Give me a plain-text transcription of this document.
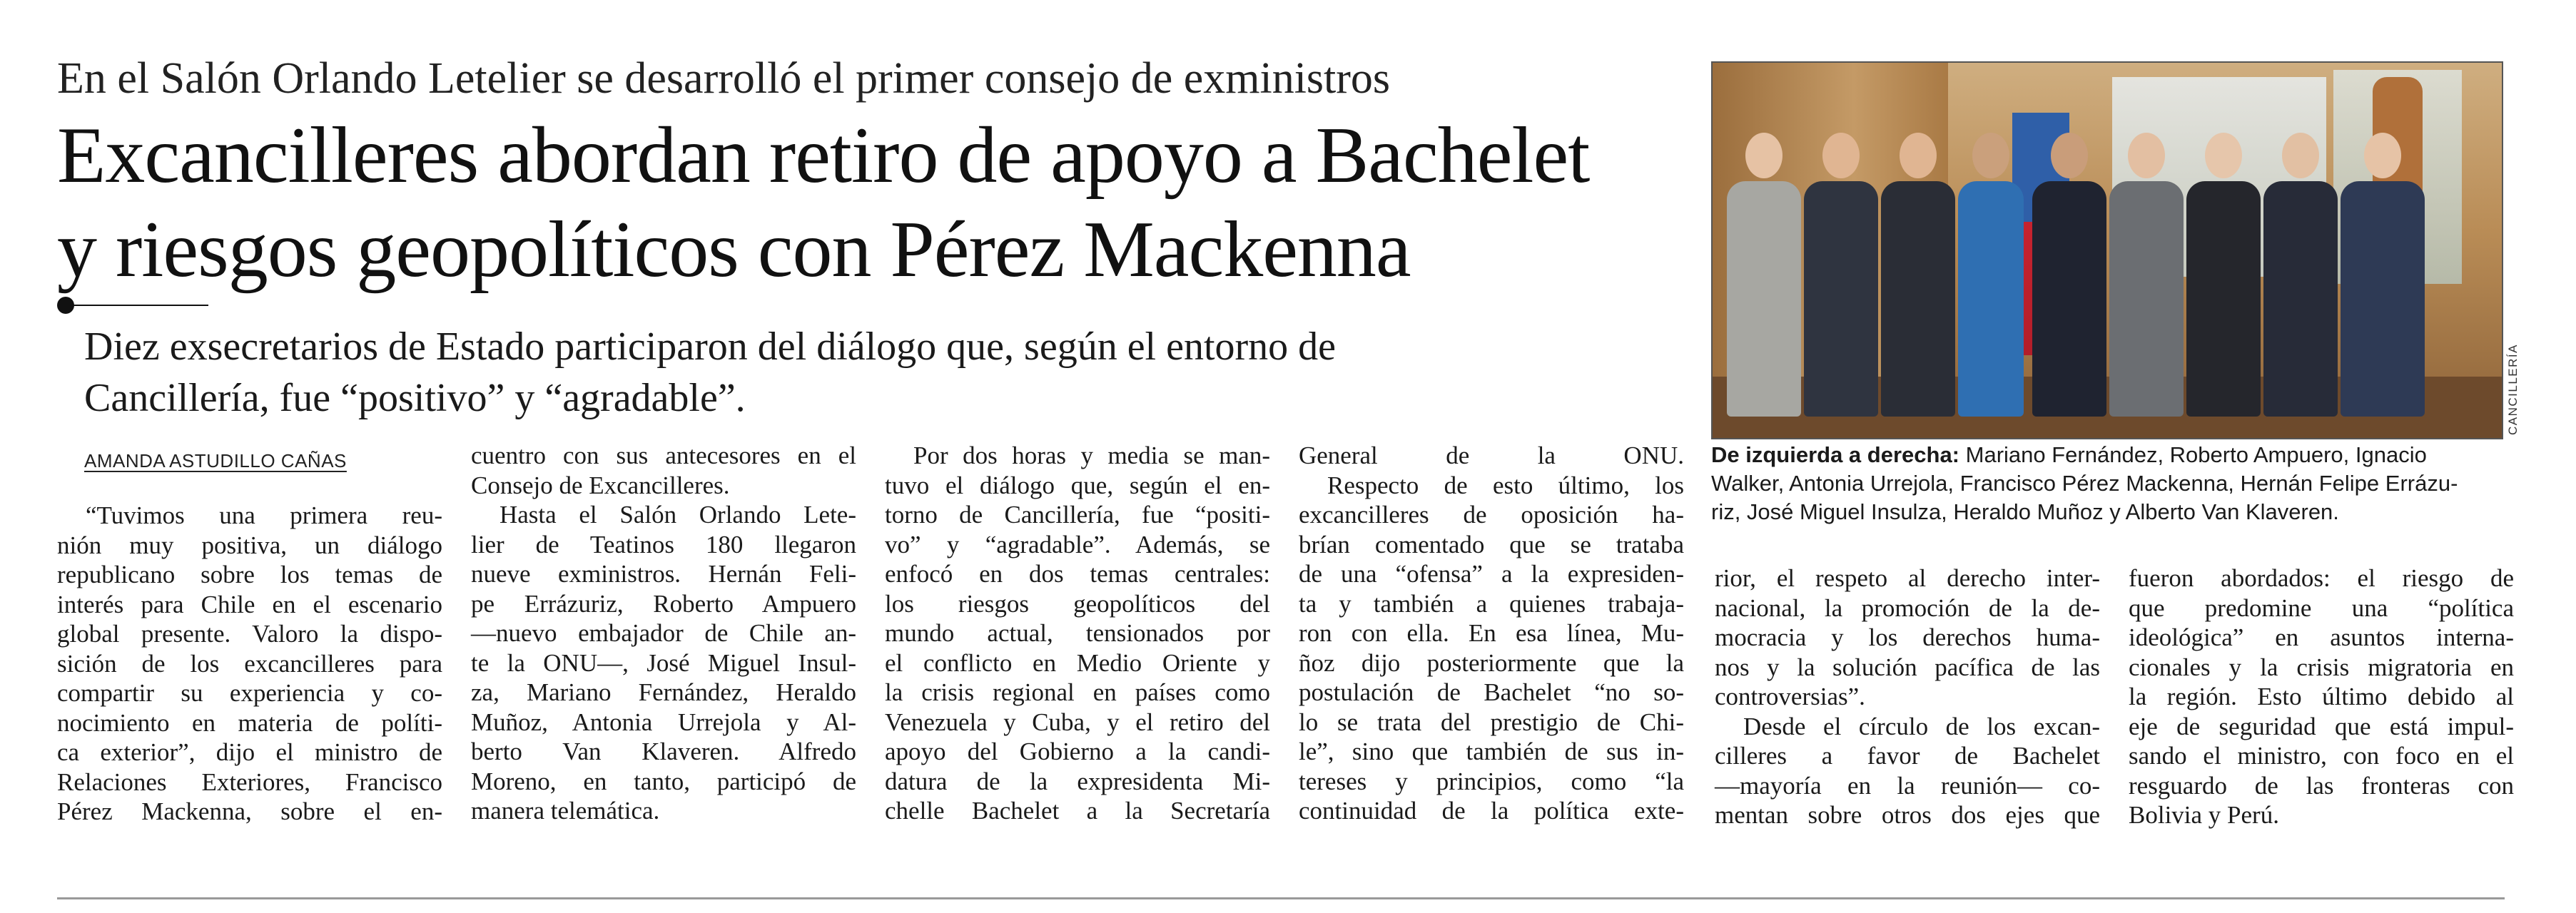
En el Salón Orlando Letelier se desarrolló el primer consejo de exministros
Excancilleres abordan retiro de apoyo a Bachelet
y riesgos geopolíticos con Pérez Mackenna
Diez exsecretarios de Estado participaron del diálogo que, según el entorno de
Cancillería, fue “positivo” y “agradable”.
AMANDA ASTUDILLO CAÑAS
“Tuvimos una primera reu-
nión muy positiva, un diálogo
republicano sobre los temas de
interés para Chile en el escenario
global presente. Valoro la dispo-
sición de los excancilleres para
compartir su experiencia y co-
nocimiento en materia de políti-
ca exterior”, dijo el ministro de
Relaciones Exteriores, Francisco
Pérez Mackenna, sobre el en-
cuentro con sus antecesores en el
Consejo de Excancilleres.
Hasta el Salón Orlando Lete-
lier de Teatinos 180 llegaron
nueve exministros. Hernán Feli-
pe Errázuriz, Roberto Ampuero
—nuevo embajador de Chile an-
te la ONU—, José Miguel Insul-
za, Mariano Fernández, Heraldo
Muñoz, Antonia Urrejola y Al-
berto Van Klaveren. Alfredo
Moreno, en tanto, participó de
manera telemática.
Por dos horas y media se man-
tuvo el diálogo que, según el en-
torno de Cancillería, fue “positi-
vo” y “agradable”. Además, se
enfocó en dos temas centrales:
los riesgos geopolíticos del
mundo actual, tensionados por
el conflicto en Medio Oriente y
la crisis regional en países como
Venezuela y Cuba, y el retiro del
apoyo del Gobierno a la candi-
datura de la expresidenta Mi-
chelle Bachelet a la Secretaría
General de la ONU.
Respecto de esto último, los
excancilleres de oposición ha-
brían comentado que se trataba
de una “ofensa” a la expresiden-
ta y también a quienes trabaja-
ron con ella. En esa línea, Mu-
ñoz dijo posteriormente que la
postulación de Bachelet “no so-
lo se trata del prestigio de Chi-
le”, sino que también de sus in-
tereses y principios, como “la
continuidad de la política exte-
rior, el respeto al derecho inter-
nacional, la promoción de la de-
mocracia y los derechos huma-
nos y la solución pacífica de las
controversias”.
Desde el círculo de los excan-
cilleres a favor de Bachelet
—mayoría en la reunión— co-
mentan sobre otros dos ejes que
fueron abordados: el riesgo de
que predomine una “política
ideológica” en asuntos interna-
cionales y la crisis migratoria en
la región. Esto último debido al
eje de seguridad que está impul-
sando el ministro, con foco en el
resguardo de las fronteras con
Bolivia y Perú.
CANCILLERÍA
De izquierda a derecha: Mariano Fernández, Roberto Ampuero, Ignacio
Walker, Antonia Urrejola, Francisco Pérez Mackenna, Hernán Felipe Errázu-
riz, José Miguel Insulza, Heraldo Muñoz y Alberto Van Klaveren.
